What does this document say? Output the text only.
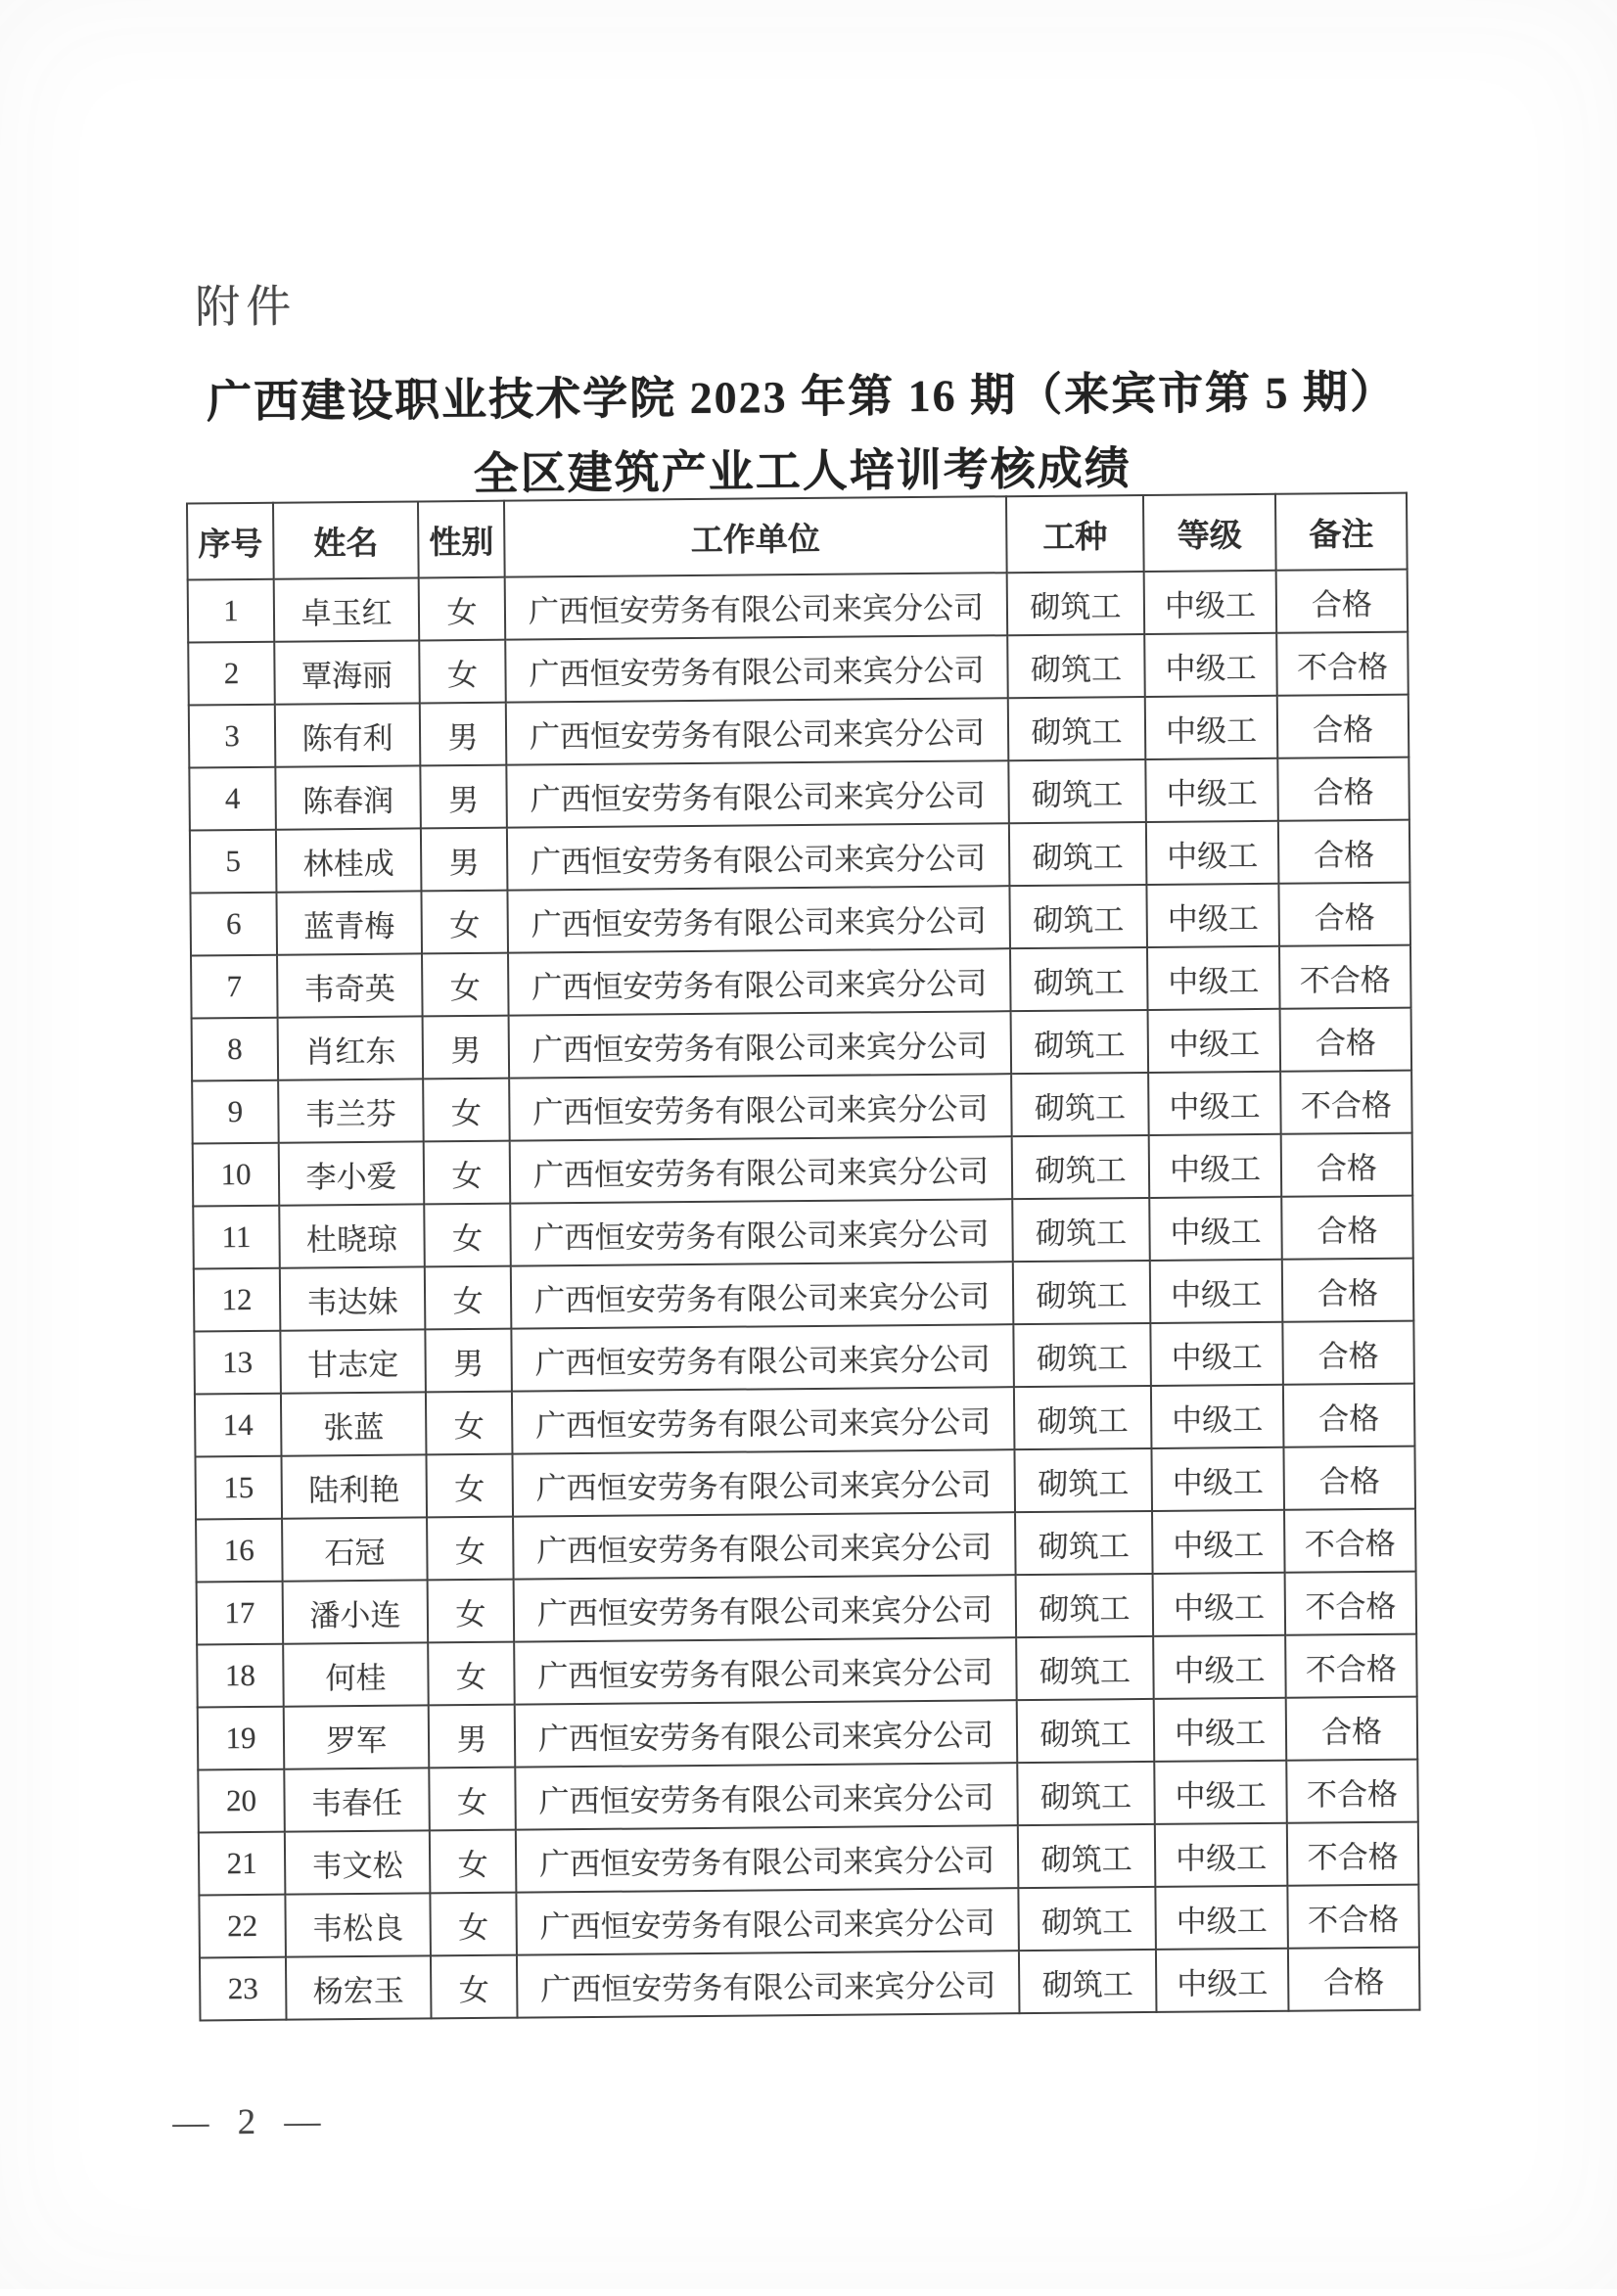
附件
广西建设职业技术学院 2023 年第 16 期（来宾市第 5 期）
全区建筑产业工人培训考核成绩
序号	姓名	性别	工作单位	工种	等级	备注
1	卓玉红	女	广西恒安劳务有限公司来宾分公司	砌筑工	中级工	合格
2	覃海丽	女	广西恒安劳务有限公司来宾分公司	砌筑工	中级工	不合格
3	陈有利	男	广西恒安劳务有限公司来宾分公司	砌筑工	中级工	合格
4	陈春润	男	广西恒安劳务有限公司来宾分公司	砌筑工	中级工	合格
5	林桂成	男	广西恒安劳务有限公司来宾分公司	砌筑工	中级工	合格
6	蓝青梅	女	广西恒安劳务有限公司来宾分公司	砌筑工	中级工	合格
7	韦奇英	女	广西恒安劳务有限公司来宾分公司	砌筑工	中级工	不合格
8	肖红东	男	广西恒安劳务有限公司来宾分公司	砌筑工	中级工	合格
9	韦兰芬	女	广西恒安劳务有限公司来宾分公司	砌筑工	中级工	不合格
10	李小爱	女	广西恒安劳务有限公司来宾分公司	砌筑工	中级工	合格
11	杜晓琼	女	广西恒安劳务有限公司来宾分公司	砌筑工	中级工	合格
12	韦达妹	女	广西恒安劳务有限公司来宾分公司	砌筑工	中级工	合格
13	甘志定	男	广西恒安劳务有限公司来宾分公司	砌筑工	中级工	合格
14	张蓝	女	广西恒安劳务有限公司来宾分公司	砌筑工	中级工	合格
15	陆利艳	女	广西恒安劳务有限公司来宾分公司	砌筑工	中级工	合格
16	石冠	女	广西恒安劳务有限公司来宾分公司	砌筑工	中级工	不合格
17	潘小连	女	广西恒安劳务有限公司来宾分公司	砌筑工	中级工	不合格
18	何桂	女	广西恒安劳务有限公司来宾分公司	砌筑工	中级工	不合格
19	罗军	男	广西恒安劳务有限公司来宾分公司	砌筑工	中级工	合格
20	韦春任	女	广西恒安劳务有限公司来宾分公司	砌筑工	中级工	不合格
21	韦文松	女	广西恒安劳务有限公司来宾分公司	砌筑工	中级工	不合格
22	韦松良	女	广西恒安劳务有限公司来宾分公司	砌筑工	中级工	不合格
23	杨宏玉	女	广西恒安劳务有限公司来宾分公司	砌筑工	中级工	合格
— 2 —
